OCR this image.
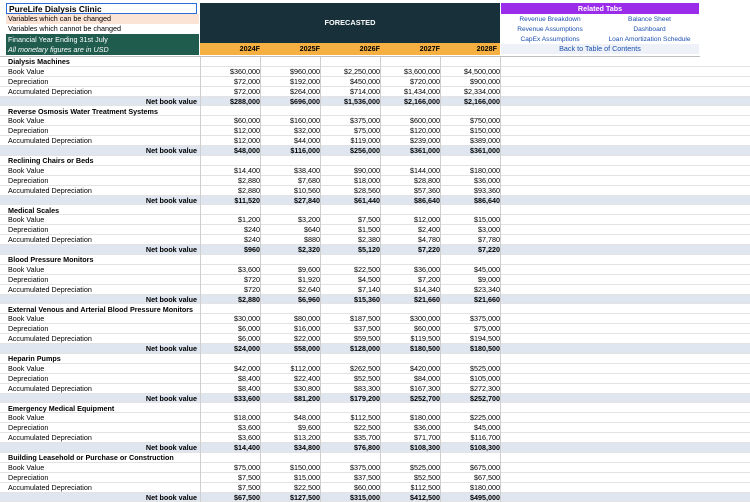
PureLife Dialysis Clinic
Variables which can be changed
Variables which cannot be changed
Financial Year Ending 31st July
All monetary figures are in USD
FORECASTED
2024F	2025F	2026F	2027F	2028F
Related Tabs
Revenue Breakdown	Balance Sheet
Revenue Assumptions	Dashboard
CapEx Assumptions	Loan Amortization Schedule
Back to Table of Contents
Dialysis Machines
Book Value	$360,000	$960,000	$2,250,000	$3,600,000	$4,500,000
Depreciation	$72,000	$192,000	$450,000	$720,000	$900,000
Accumulated Depreciation	$72,000	$264,000	$714,000	$1,434,000	$2,334,000
Net book value	$288,000	$696,000	$1,536,000	$2,166,000	$2,166,000
Reverse Osmosis Water Treatment Systems
Book Value	$60,000	$160,000	$375,000	$600,000	$750,000
Depreciation	$12,000	$32,000	$75,000	$120,000	$150,000
Accumulated Depreciation	$12,000	$44,000	$119,000	$239,000	$389,000
Net book value	$48,000	$116,000	$256,000	$361,000	$361,000
Reclining Chairs or Beds
Book Value	$14,400	$38,400	$90,000	$144,000	$180,000
Depreciation	$2,880	$7,680	$18,000	$28,800	$36,000
Accumulated Depreciation	$2,880	$10,560	$28,560	$57,360	$93,360
Net book value	$11,520	$27,840	$61,440	$86,640	$86,640
Medical Scales
Book Value	$1,200	$3,200	$7,500	$12,000	$15,000
Depreciation	$240	$640	$1,500	$2,400	$3,000
Accumulated Depreciation	$240	$880	$2,380	$4,780	$7,780
Net book value	$960	$2,320	$5,120	$7,220	$7,220
Blood Pressure Monitors
Book Value	$3,600	$9,600	$22,500	$36,000	$45,000
Depreciation	$720	$1,920	$4,500	$7,200	$9,000
Accumulated Depreciation	$720	$2,640	$7,140	$14,340	$23,340
Net book value	$2,880	$6,960	$15,360	$21,660	$21,660
External Venous and Arterial Blood Pressure Monitors
Book Value	$30,000	$80,000	$187,500	$300,000	$375,000
Depreciation	$6,000	$16,000	$37,500	$60,000	$75,000
Accumulated Depreciation	$6,000	$22,000	$59,500	$119,500	$194,500
Net book value	$24,000	$58,000	$128,000	$180,500	$180,500
Heparin Pumps
Book Value	$42,000	$112,000	$262,500	$420,000	$525,000
Depreciation	$8,400	$22,400	$52,500	$84,000	$105,000
Accumulated Depreciation	$8,400	$30,800	$83,300	$167,300	$272,300
Net book value	$33,600	$81,200	$179,200	$252,700	$252,700
Emergency Medical Equipment
Book Value	$18,000	$48,000	$112,500	$180,000	$225,000
Depreciation	$3,600	$9,600	$22,500	$36,000	$45,000
Accumulated Depreciation	$3,600	$13,200	$35,700	$71,700	$116,700
Net book value	$14,400	$34,800	$76,800	$108,300	$108,300
Building Leasehold or Purchase or Construction
Book Value	$75,000	$150,000	$375,000	$525,000	$675,000
Depreciation	$7,500	$15,000	$37,500	$52,500	$67,500
Accumulated Depreciation	$7,500	$22,500	$60,000	$112,500	$180,000
Net book value	$67,500	$127,500	$315,000	$412,500	$495,000
